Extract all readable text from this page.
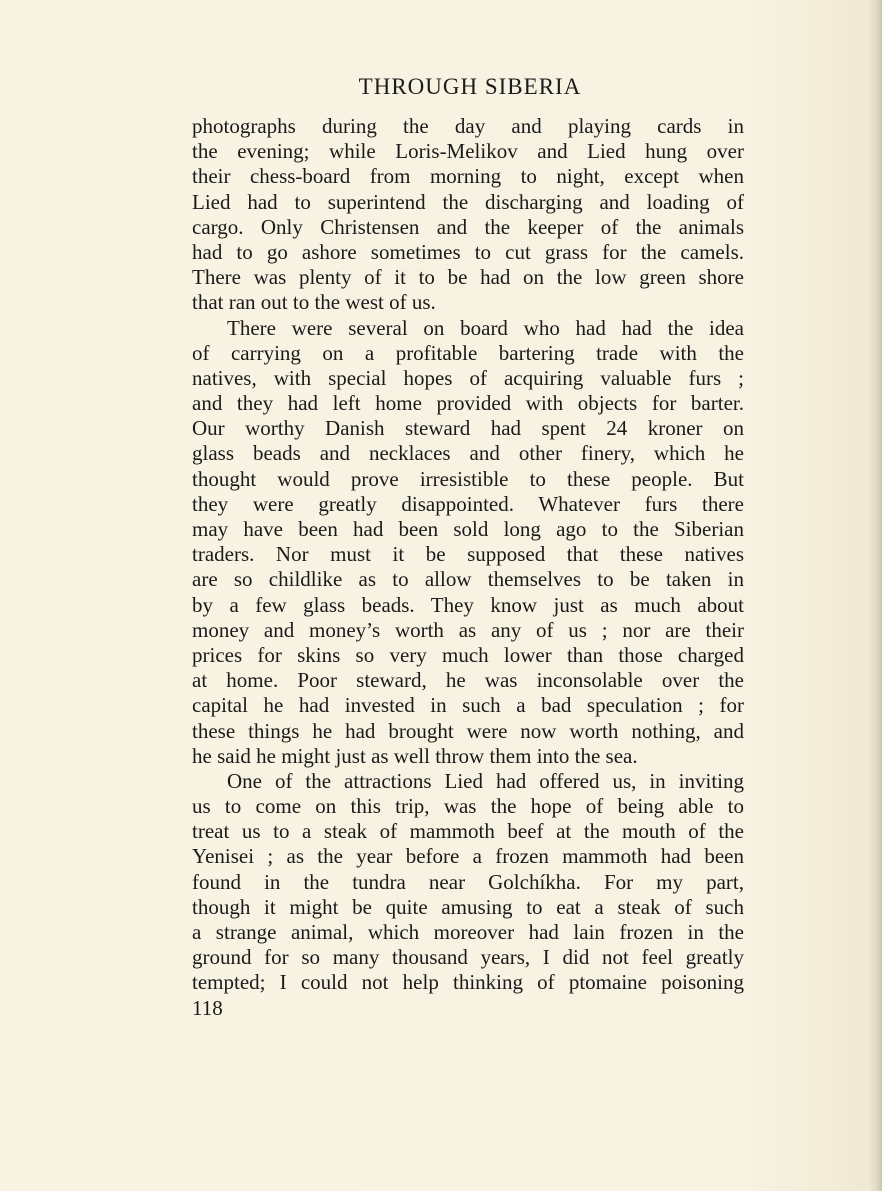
THROUGH SIBERIA
photographs during the day and playing cards in
the evening; while Loris-Melikov and Lied hung over
their chess-board from morning to night, except when
Lied had to superintend the discharging and loading of
cargo. Only Christensen and the keeper of the animals
had to go ashore sometimes to cut grass for the camels.
There was plenty of it to be had on the low green shore
that ran out to the west of us.
There were several on board who had had the idea
of carrying on a profitable bartering trade with the
natives, with special hopes of acquiring valuable furs ;
and they had left home provided with objects for barter.
Our worthy Danish steward had spent 24 kroner on
glass beads and necklaces and other finery, which he
thought would prove irresistible to these people. But
they were greatly disappointed. Whatever furs there
may have been had been sold long ago to the Siberian
traders. Nor must it be supposed that these natives
are so childlike as to allow themselves to be taken in
by a few glass beads. They know just as much about
money and money’s worth as any of us ; nor are their
prices for skins so very much lower than those charged
at home. Poor steward, he was inconsolable over the
capital he had invested in such a bad speculation ; for
these things he had brought were now worth nothing, and
he said he might just as well throw them into the sea.
One of the attractions Lied had offered us, in inviting
us to come on this trip, was the hope of being able to
treat us to a steak of mammoth beef at the mouth of the
Yenisei ; as the year before a frozen mammoth had been
found in the tundra near Golchíkha. For my part,
though it might be quite amusing to eat a steak of such
a strange animal, which moreover had lain frozen in the
ground for so many thousand years, I did not feel greatly
tempted; I could not help thinking of ptomaine poisoning
118
